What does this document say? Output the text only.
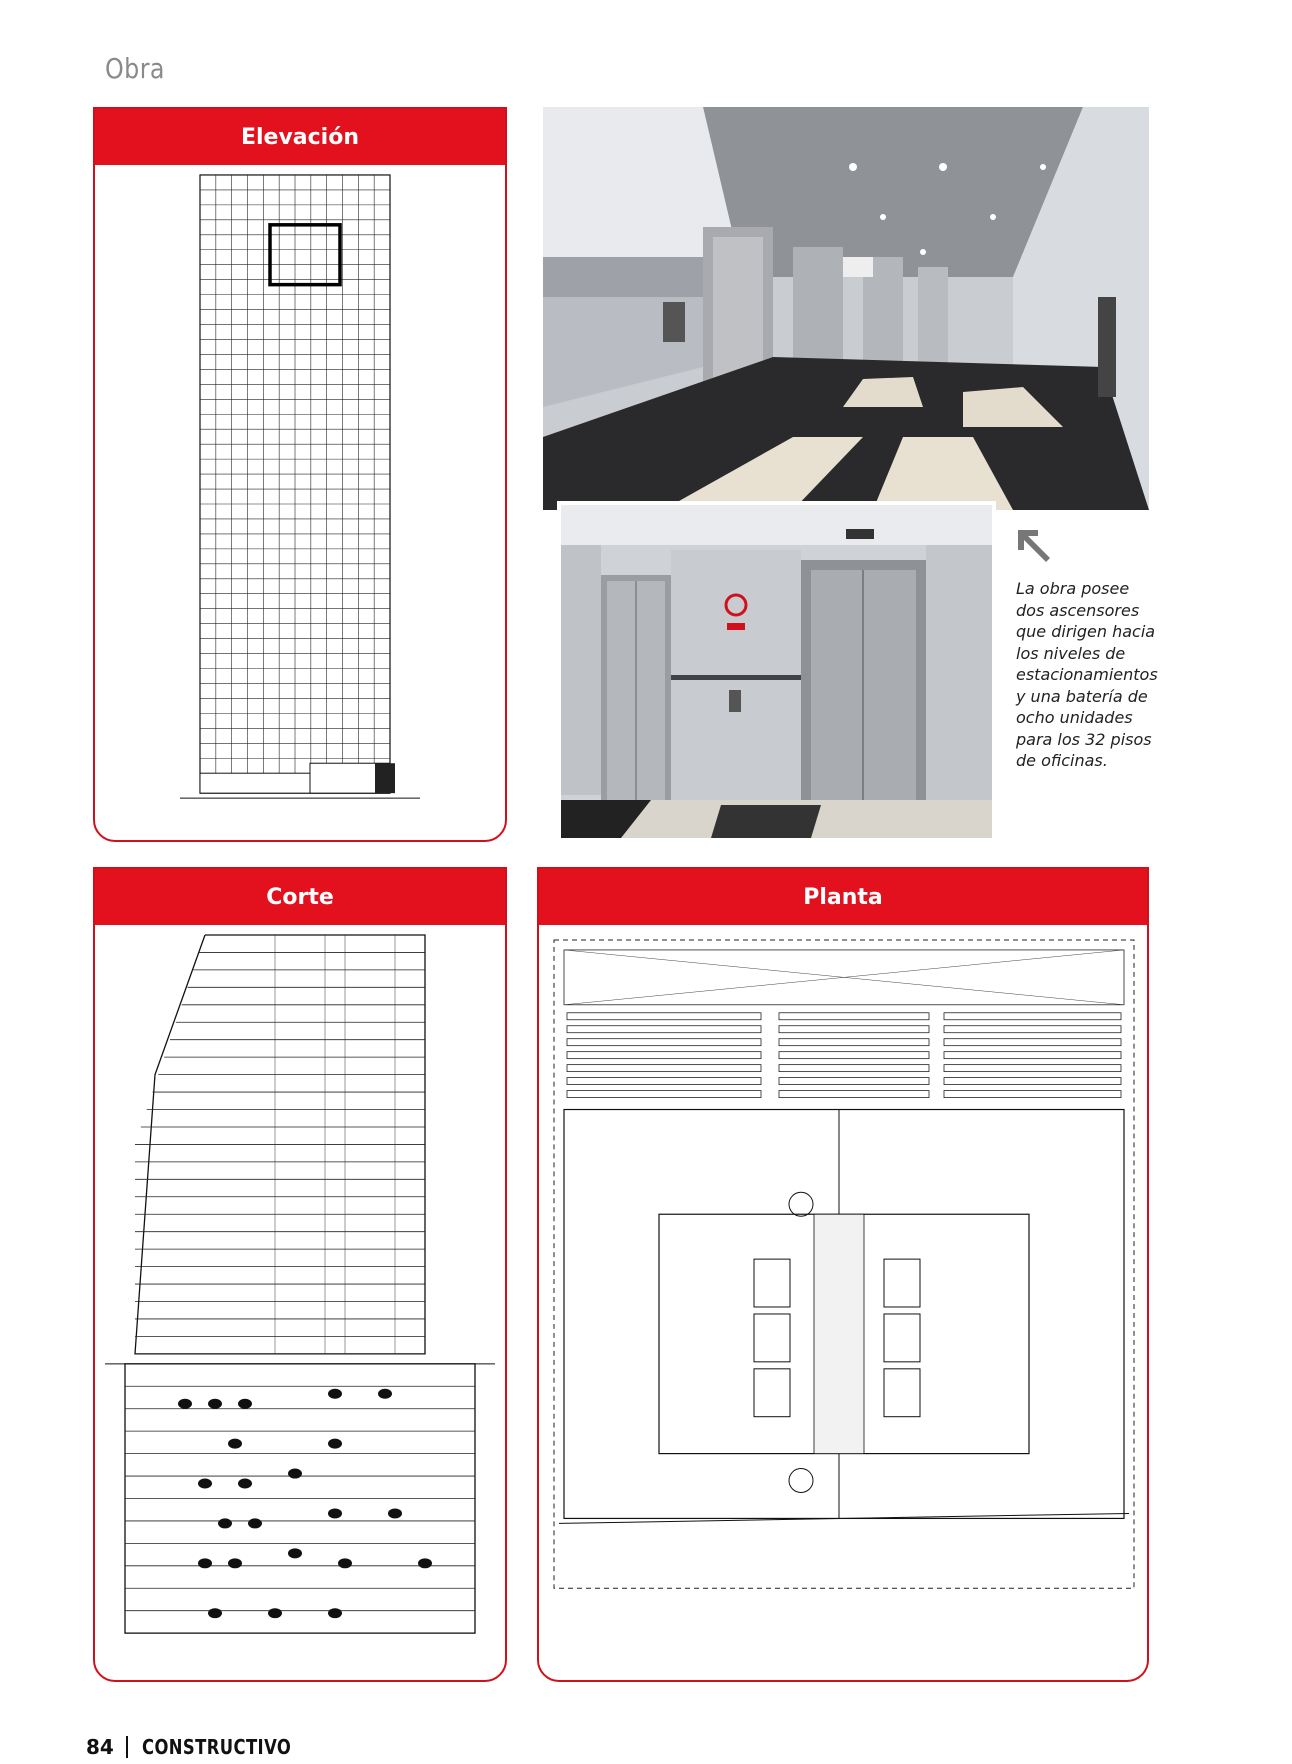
Obra
Elevación
La obra posee dos ascensores que dirigen hacia los niveles de estacionamientos y una batería de ocho unidades para los 32 pisos de oficinas.
Corte	Planta
84 CONSTRUCTIVO
